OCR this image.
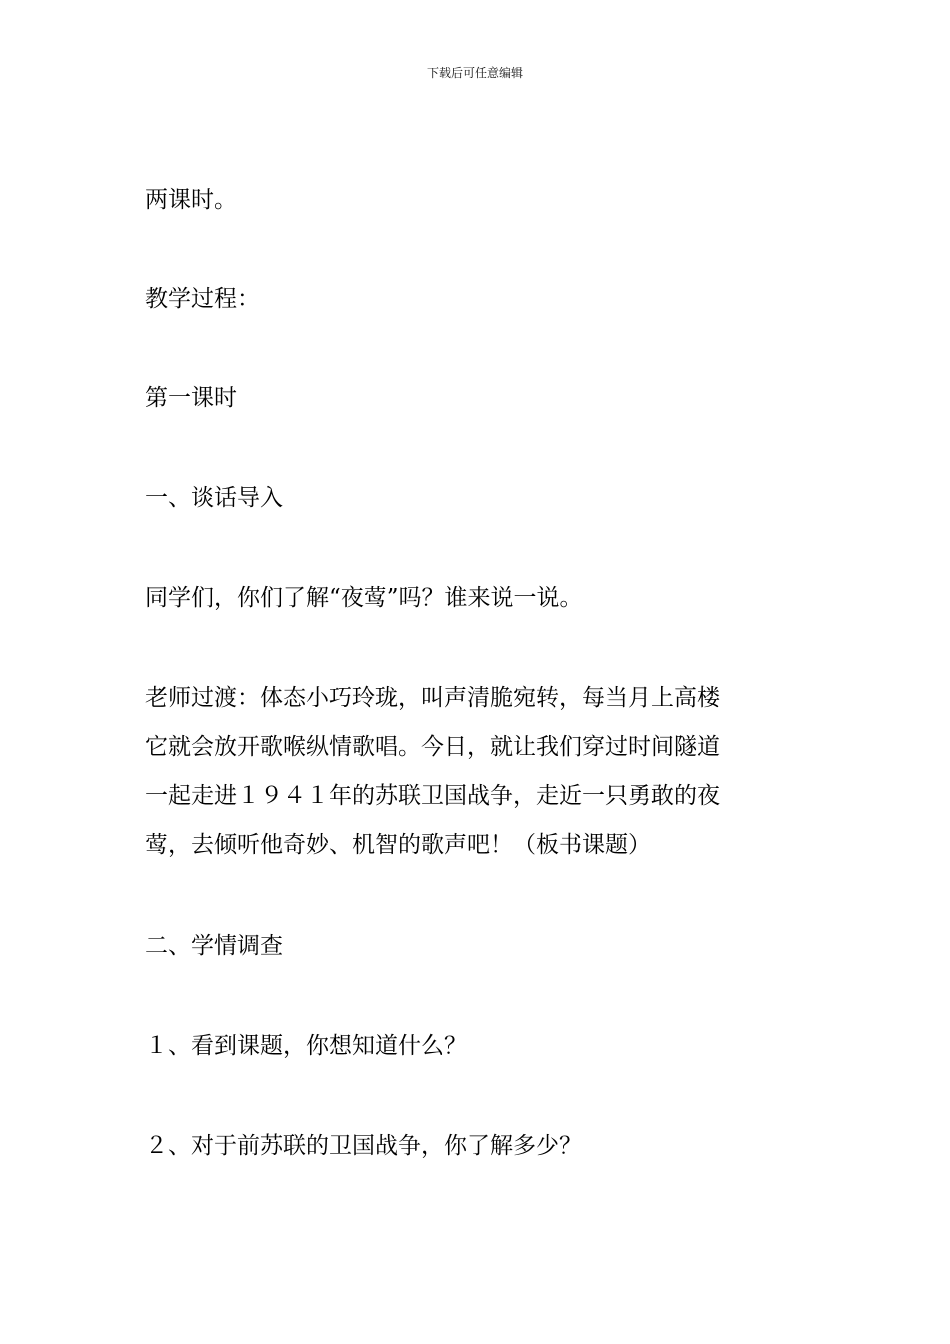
下载后可任意编辑
两课时。
教学过程：
第一课时
一、谈话导入
同学们，你们了解“夜莺”吗？谁来说一说。
老师过渡：体态小巧玲珑，叫声清脆宛转，每当月上高楼
它就会放开歌喉纵情歌唱。今日，就让我们穿过时间隧道
一起走进１９４１年的苏联卫国战争，走近一只勇敢的夜
莺，去倾听他奇妙、机智的歌声吧！（板书课题）
二、学情调查
１、看到课题，你想知道什么？
２、对于前苏联的卫国战争，你了解多少？
